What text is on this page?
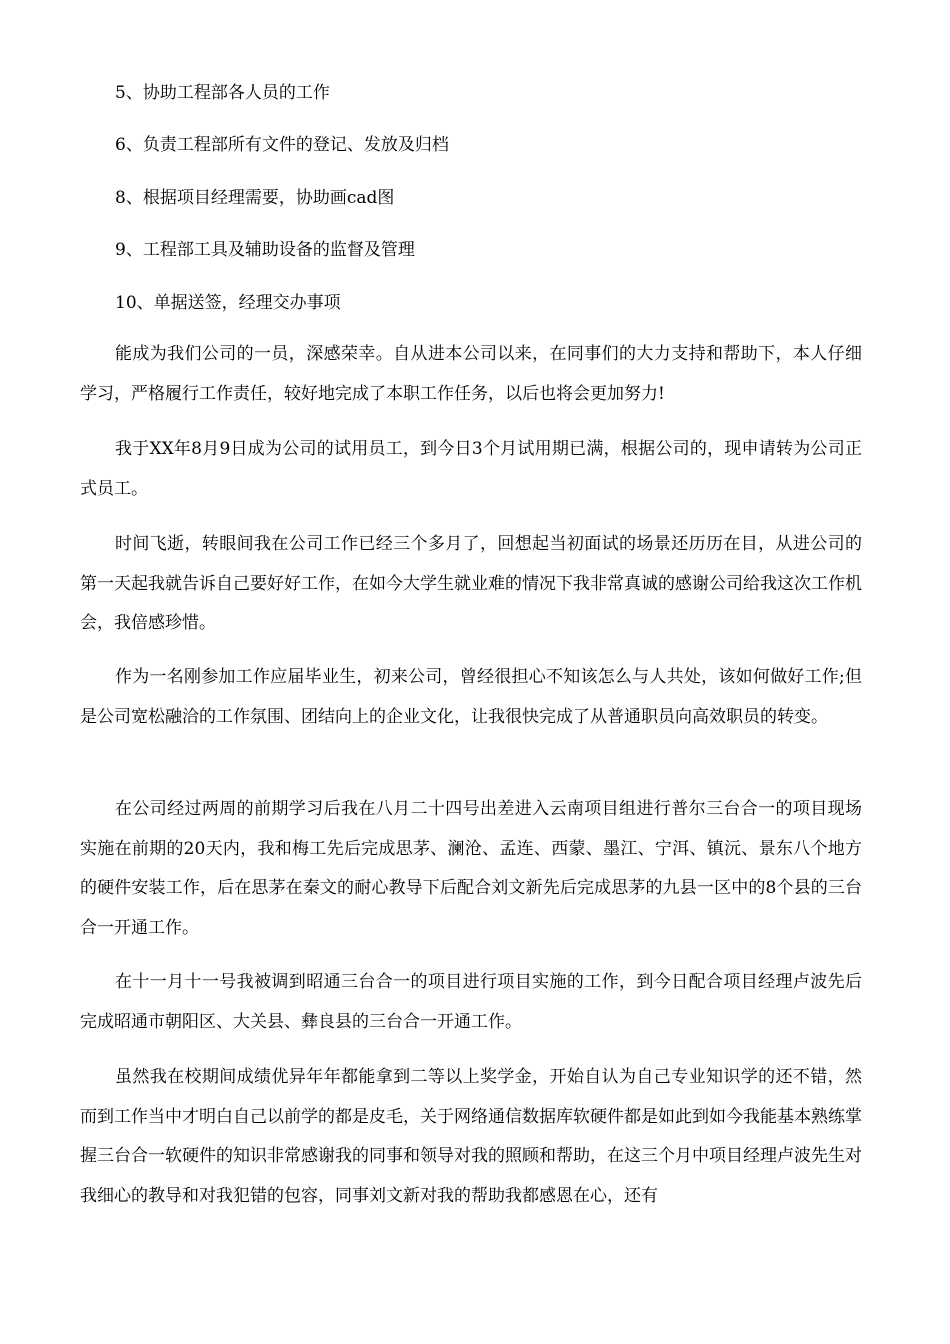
5、协助工程部各人员的工作
6、负责工程部所有文件的登记、发放及归档
8、根据项目经理需要，协助画cad图
9、工程部工具及辅助设备的监督及管理
10、单据送签，经理交办事项

能成为我们公司的一员，深感荣幸。自从进本公司以来，在同事们的大力支持和帮助下，本人仔细学习，严格履行工作责任，较好地完成了本职工作任务，以后也将会更加努力!

我于XX年8月9日成为公司的试用员工，到今日3个月试用期已满，根据公司的，现申请转为公司正式员工。

时间飞逝，转眼间我在公司工作已经三个多月了，回想起当初面试的场景还历历在目，从进公司的第一天起我就告诉自己要好好工作，在如今大学生就业难的情况下我非常真诚的感谢公司给我这次工作机会，我倍感珍惜。

作为一名刚参加工作应届毕业生，初来公司，曾经很担心不知该怎么与人共处，该如何做好工作;但是公司宽松融洽的工作氛围、团结向上的企业文化，让我很快完成了从普通职员向高效职员的转变。

在公司经过两周的前期学习后我在八月二十四号出差进入云南项目组进行普尔三台合一的项目现场实施在前期的20天内，我和梅工先后完成思茅、澜沧、孟连、西蒙、墨江、宁洱、镇沅、景东八个地方的硬件安装工作，后在思茅在秦文的耐心教导下后配合刘文新先后完成思茅的九县一区中的8个县的三台合一开通工作。

在十一月十一号我被调到昭通三台合一的项目进行项目实施的工作，到今日配合项目经理卢波先后完成昭通市朝阳区、大关县、彝良县的三台合一开通工作。

虽然我在校期间成绩优异年年都能拿到二等以上奖学金，开始自认为自己专业知识学的还不错，然而到工作当中才明白自己以前学的都是皮毛，关于网络通信数据库软硬件都是如此到如今我能基本熟练掌握三台合一软硬件的知识非常感谢我的同事和领导对我的照顾和帮助，在这三个月中项目经理卢波先生对我细心的教导和对我犯错的包容，同事刘文新对我的帮助我都感恩在心，还有
